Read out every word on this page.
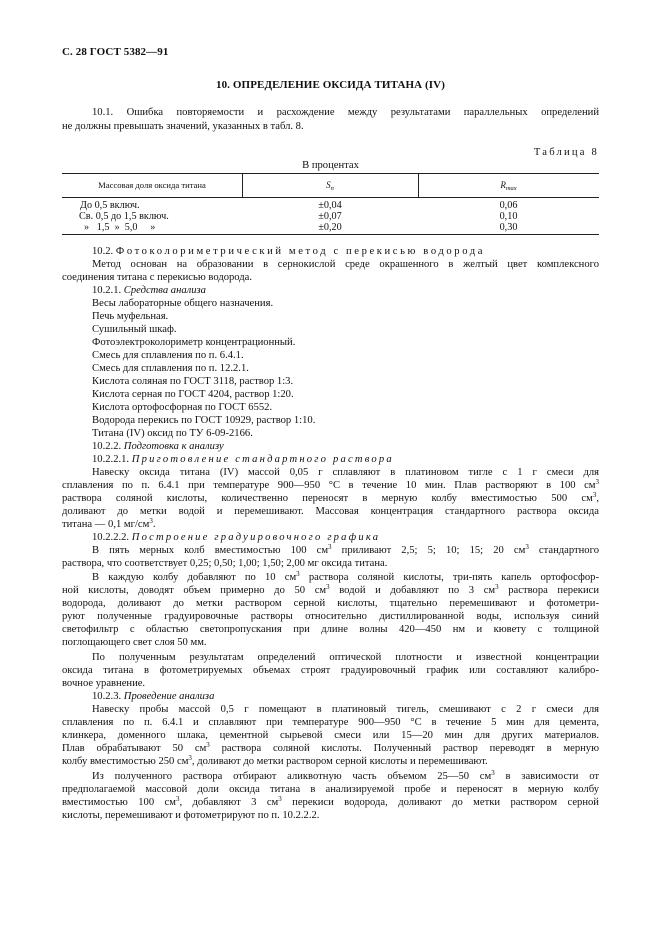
С. 28 ГОСТ 5382—91
10. ОПРЕДЕЛЕНИЕ ОКСИДА ТИТАНА (IV)
10.1. Ошибка повторяемости и расхождение между результатами параллельных определений
не должны превышать значений, указанных в табл. 8.
Таблица 8
В процентах
Массовая доля оксида титана	$S_п$	$R_{max}$
До 0,5 включ.	±0,04	0,06
Св. 0,5 до 1,5 включ.	±0,07	0,10
»   1,5  »  5,0     »	±0,20	0,30
10.2. Фотоколориметрический метод с перекисью водорода
Метод основан на образовании в сернокислой среде окрашенного в желтый цвет комплексного
соединения титана с перекисью водорода.
10.2.1. Средства анализа
Весы лабораторные общего назначения.
Печь муфельная.
Сушильный шкаф.
Фотоэлектроколориметр концентрационный.
Смесь для сплавления по п. 6.4.1.
Смесь для сплавления по п. 12.2.1.
Кислота соляная по ГОСТ 3118, раствор 1:3.
Кислота серная по ГОСТ 4204, раствор 1:20.
Кислота ортофосфорная по ГОСТ 6552.
Водорода перекись по ГОСТ 10929, раствор 1:10.
Титана (IV) оксид по ТУ 6-09-2166.
10.2.2. Подготовка к анализу
10.2.2.1. Приготовление стандартного раствора
Навеску оксида титана (IV) массой 0,05 г сплавляют в платиновом тигле с 1 г смеси для
сплавления по п. 6.4.1 при температуре 900—950 °С в течение 10 мин. Плав растворяют в 100 $см^3$
раствора соляной кислоты, количественно переносят в мерную колбу вместимостью 500 $см^3$,
доливают до метки водой и перемешивают. Массовая концентрация стандартного раствора оксида
титана — 0,1 $мг/см^3$.
10.2.2.2. Построение градуировочного графика
В пять мерных колб вместимостью 100 $см^3$ приливают 2,5; 5; 10; 15; 20 $см^3$ стандартного
раствора, что соответствует 0,25; 0,50; 1,00; 1,50; 2,00 мг оксида титана.
В каждую колбу добавляют по 10 $см^3$ раствора соляной кислоты, три-пять капель ортофосфор-
ной кислоты, доводят объем примерно до 50 $см^3$ водой и добавляют по 3 $см^3$ раствора перекиси
водорода, доливают до метки раствором серной кислоты, тщательно перемешивают и фотометри-
руют полученные градуировочные растворы относительно дистиллированной воды, используя синий
светофильтр с областью светопропускания при длине волны 420—450 нм и кювету с толщиной
поглощающего свет слоя 50 мм.
По полученным результатам определений оптической плотности и известной концентрации
оксида титана в фотометрируемых объемах строят градуировочный график или составляют калибро-
вочное уравнение.
10.2.3. Проведение анализа
Навеску пробы массой 0,5 г помещают в платиновый тигель, смешивают с 2 г смеси для
сплавления по п. 6.4.1 и сплавляют при температуре 900—950 °С в течение 5 мин для цемента,
клинкера, доменного шлака, цементной сырьевой смеси или 15—20 мин для других материалов.
Плав обрабатывают 50 $см^3$ раствора соляной кислоты. Полученный раствор переводят в мерную
колбу вместимостью 250 $см^3$, доливают до метки раствором серной кислоты и перемешивают.
Из полученного раствора отбирают аликвотную часть объемом 25—50 $см^3$ в зависимости от
предполагаемой массовой доли оксида титана в анализируемой пробе и переносят в мерную колбу
вместимостью 100 $см^3$, добавляют 3 $см^3$ перекиси водорода, доливают до метки раствором серной
кислоты, перемешивают и фотометрируют по п. 10.2.2.2.
